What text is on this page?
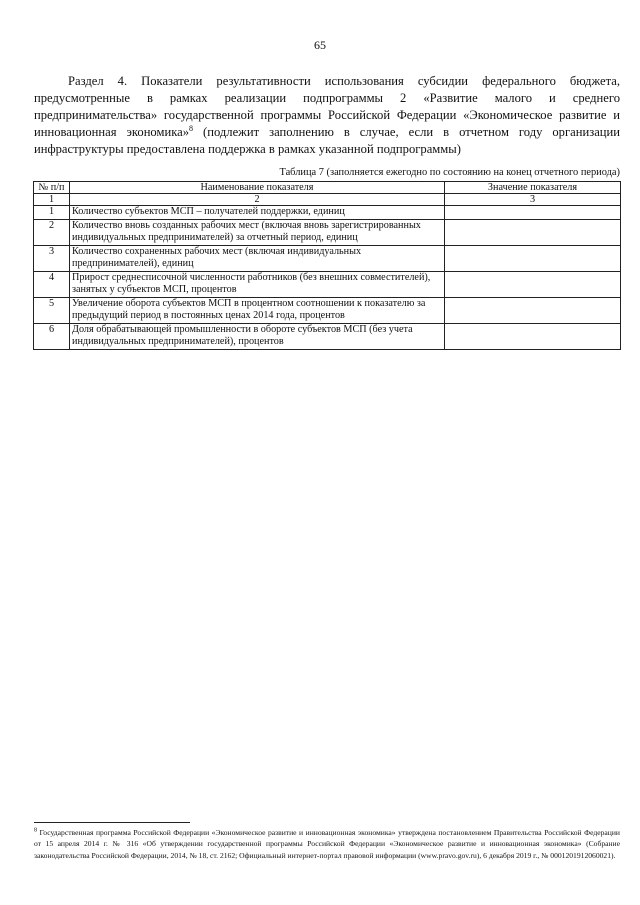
65
Раздел 4. Показатели результативности использования субсидии федерального бюджета, предусмотренные в рамках реализации подпрограммы 2 «Развитие малого и среднего предпринимательства» государственной программы Российской Федерации «Экономическое развитие и инновационная экономика»$^8$ (подлежит заполнению в случае, если в отчетном году организации инфраструктуры предоставлена поддержка в рамках указанной подпрограммы)
Таблица 7 (заполняется ежегодно по состоянию на конец отчетного периода)
№ п/п	Наименование показателя	Значение показателя
1	2	3
1	Количество субъектов МСП – получателей поддержки, единиц	
2	Количество вновь созданных рабочих мест (включая вновь зарегистрированных индивидуальных предпринимателей) за отчетный период, единиц	
3	Количество сохраненных рабочих мест (включая индивидуальных предпринимателей), единиц	
4	Прирост среднесписочной численности работников (без внешних совместителей), занятых у субъектов МСП, процентов	
5	Увеличение оборота субъектов МСП в процентном соотношении к показателю за предыдущий период в постоянных ценах 2014 года, процентов	
6	Доля обрабатывающей промышленности в обороте субъектов МСП (без учета индивидуальных предпринимателей), процентов	
$^8$ Государственная программа Российской Федерации «Экономическое развитие и инновационная экономика» утверждена постановлением Правительства Российской Федерации от 15 апреля 2014 г. № 316 «Об утверждении государственной программы Российской Федерации «Экономическое развитие и инновационная экономика» (Собрание законодательства Российской Федерации, 2014, № 18, ст. 2162; Официальный интернет-портал правовой информации (www.pravo.gov.ru), 6 декабря 2019 г., № 0001201912060021).
